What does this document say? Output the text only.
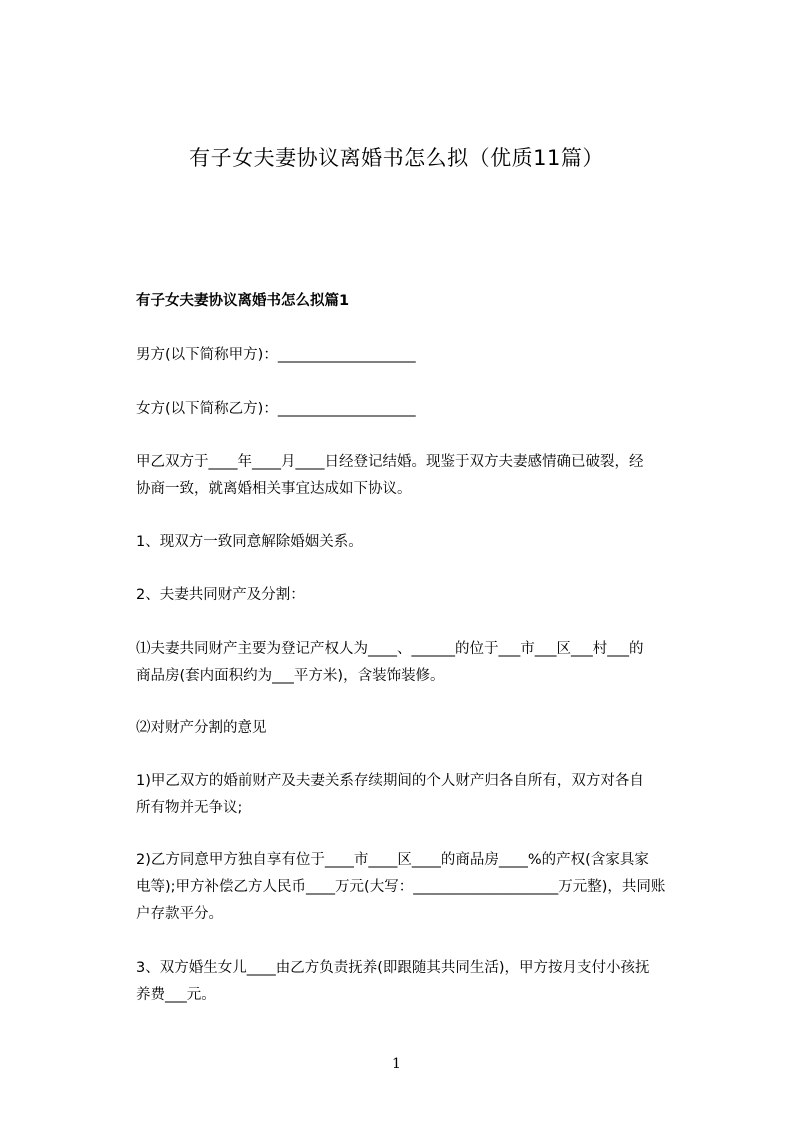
有子女夫妻协议离婚书怎么拟（优质11篇）
有子女夫妻协议离婚书怎么拟篇1
男方(以下简称甲方)：___________________
女方(以下简称乙方)：___________________
甲乙双方于____年____月____日经登记结婚。现鉴于双方夫妻感情确已破裂，经
协商一致，就离婚相关事宜达成如下协议。
1、现双方一致同意解除婚姻关系。
2、夫妻共同财产及分割：
⑴夫妻共同财产主要为登记产权人为____、______的位于___市___区___村___的
商品房(套内面积约为___平方米)，含装饰装修。
⑵对财产分割的意见
1)甲乙双方的婚前财产及夫妻关系存续期间的个人财产归各自所有，双方对各自
所有物并无争议;
2)乙方同意甲方独自享有位于____市____区____的商品房____%的产权(含家具家
电等);甲方补偿乙方人民币____万元(大写：____________________万元整)，共同账
户存款平分。
3、双方婚生女儿____由乙方负责抚养(即跟随其共同生活)，甲方按月支付小孩抚
养费___元。
1
